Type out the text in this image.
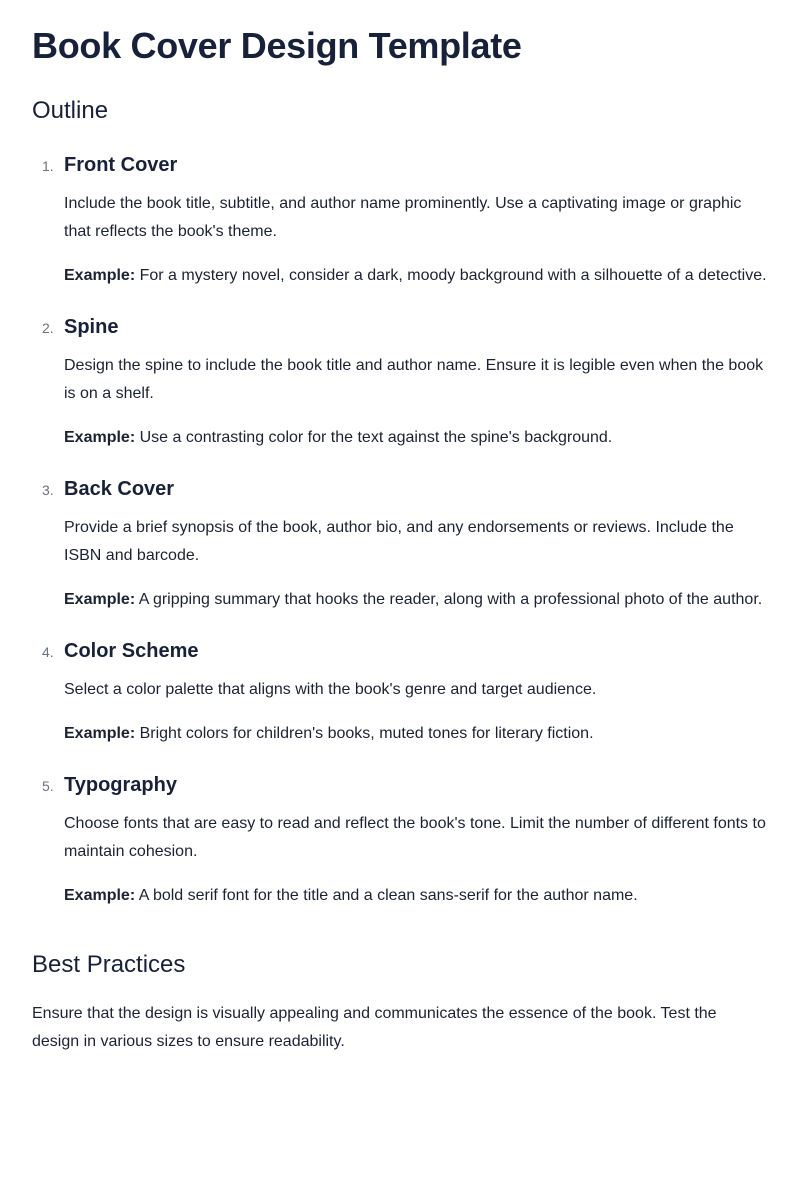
Book Cover Design Template
Outline
1. Front Cover

Include the book title, subtitle, and author name prominently. Use a captivating image or graphic that reflects the book's theme.

Example: For a mystery novel, consider a dark, moody background with a silhouette of a detective.

2. Spine

Design the spine to include the book title and author name. Ensure it is legible even when the book is on a shelf.

Example: Use a contrasting color for the text against the spine's background.

3. Back Cover

Provide a brief synopsis of the book, author bio, and any endorsements or reviews. Include the ISBN and barcode.

Example: A gripping summary that hooks the reader, along with a professional photo of the author.

4. Color Scheme

Select a color palette that aligns with the book's genre and target audience.

Example: Bright colors for children's books, muted tones for literary fiction.

5. Typography

Choose fonts that are easy to read and reflect the book's tone. Limit the number of different fonts to maintain cohesion.

Example: A bold serif font for the title and a clean sans-serif for the author name.

Best Practices

Ensure that the design is visually appealing and communicates the essence of the book. Test the design in various sizes to ensure readability.
